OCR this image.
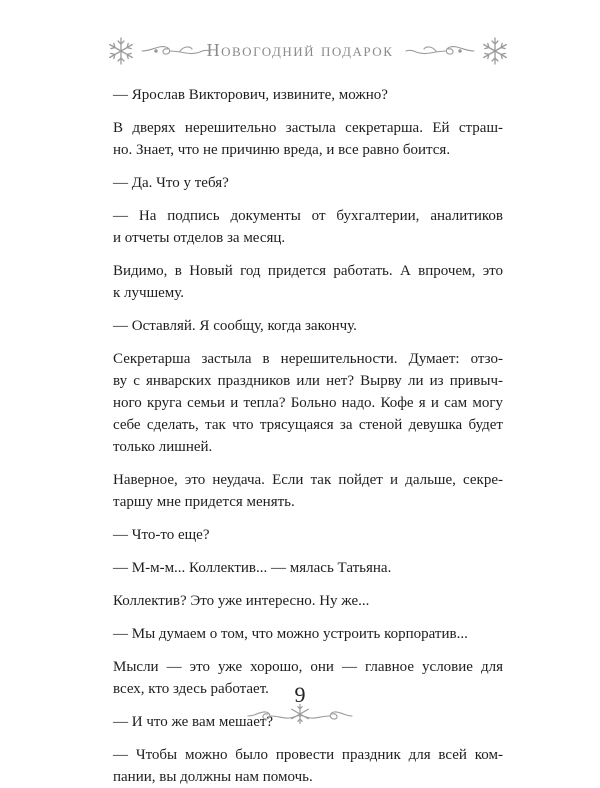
Новогодний подарок

— Ярослав Викторович, извините, можно?

В дверях нерешительно застыла секретарша. Ей страш-
но. Знает, что не причиню вреда, и все равно боится.

— Да. Что у тебя?

— На подпись документы от бухгалтерии, аналитиков
и отчеты отделов за месяц.

Видимо, в Новый год придется работать. А впрочем, это
к лучшему.

— Оставляй. Я сообщу, когда закончу.

Секретарша застыла в нерешительности. Думает: отзо-
ву с январских праздников или нет? Вырву ли из привыч-
ного круга семьи и тепла? Больно надо. Кофе я и сам могу
себе сделать, так что трясущаяся за стеной девушка будет
только лишней.

Наверное, это неудача. Если так пойдет и дальше, секре-
таршу мне придется менять.

— Что-то еще?

— М-м-м... Коллектив... — мялась Татьяна.

Коллектив? Это уже интересно. Ну же...

— Мы думаем о том, что можно устроить корпоратив...

Мысли — это уже хорошо, они — главное условие для
всех, кто здесь работает.

— И что же вам мешает?

— Чтобы можно было провести праздник для всей ком-
пании, вы должны нам помочь.

9
